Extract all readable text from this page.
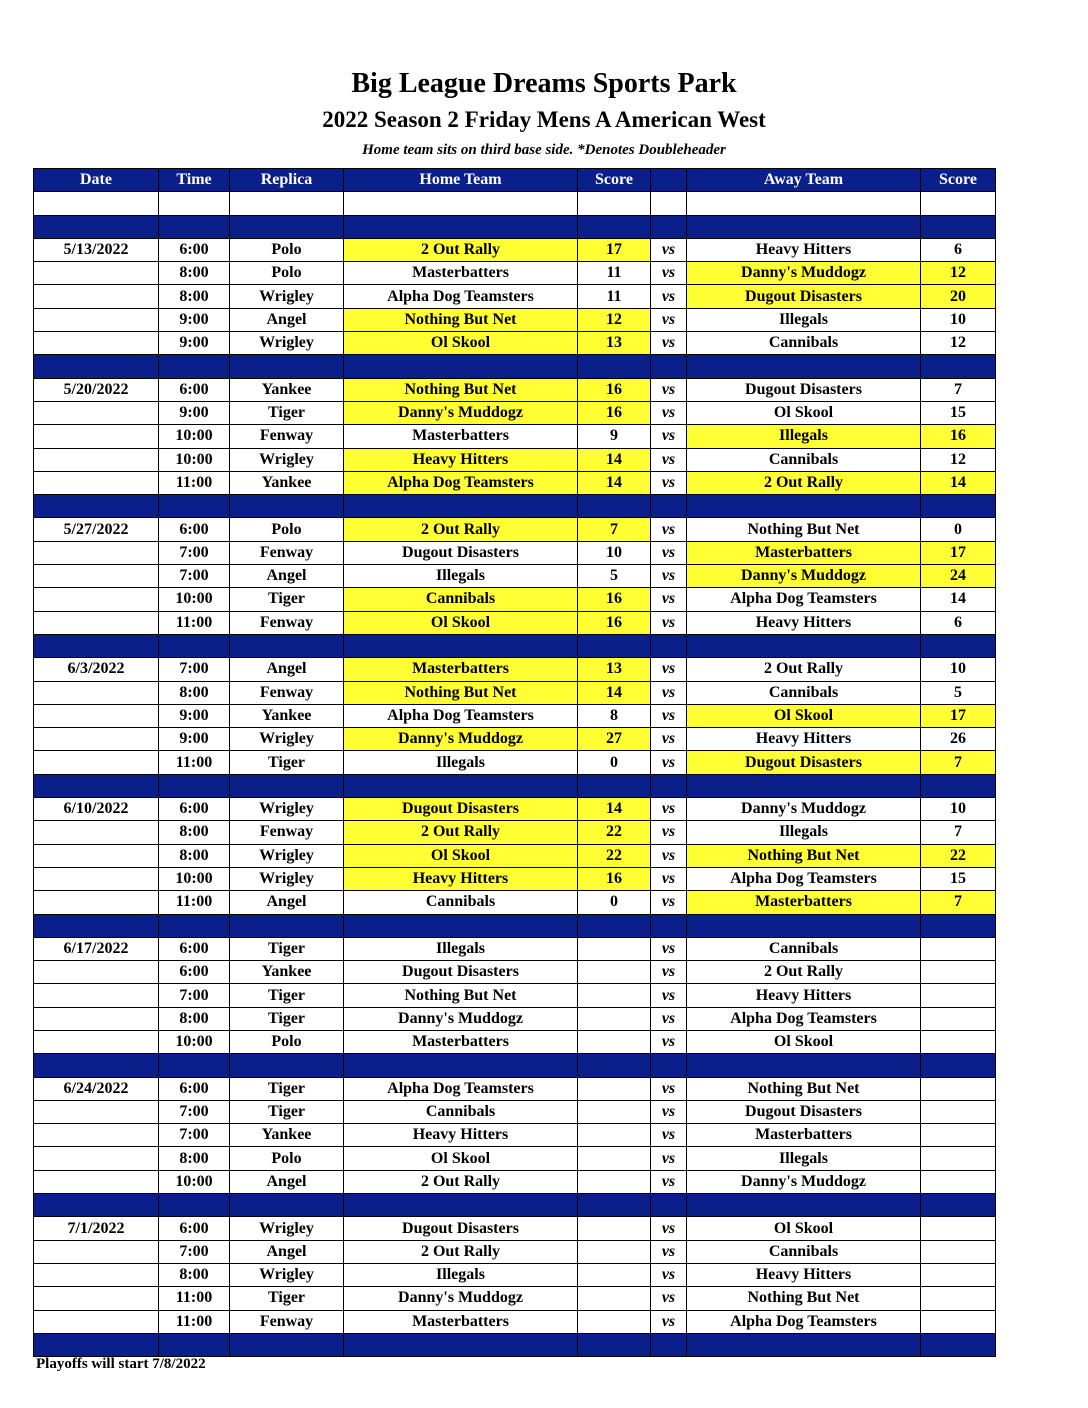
Big League Dreams Sports Park
2022 Season 2 Friday Mens A American West
Home team sits on third base side. *Denotes Doubleheader
Date	Time	Replica	Home Team	Score		Away Team	Score

5/13/2022	6:00	Polo	2 Out Rally	17	vs	Heavy Hitters	6
	8:00	Polo	Masterbatters	11	vs	Danny's Muddogz	12
	8:00	Wrigley	Alpha Dog Teamsters	11	vs	Dugout Disasters	20
	9:00	Angel	Nothing But Net	12	vs	Illegals	10
	9:00	Wrigley	Ol Skool	13	vs	Cannibals	12

5/20/2022	6:00	Yankee	Nothing But Net	16	vs	Dugout Disasters	7
	9:00	Tiger	Danny's Muddogz	16	vs	Ol Skool	15
	10:00	Fenway	Masterbatters	9	vs	Illegals	16
	10:00	Wrigley	Heavy Hitters	14	vs	Cannibals	12
	11:00	Yankee	Alpha Dog Teamsters	14	vs	2 Out Rally	14

5/27/2022	6:00	Polo	2 Out Rally	7	vs	Nothing But Net	0
	7:00	Fenway	Dugout Disasters	10	vs	Masterbatters	17
	7:00	Angel	Illegals	5	vs	Danny's Muddogz	24
	10:00	Tiger	Cannibals	16	vs	Alpha Dog Teamsters	14
	11:00	Fenway	Ol Skool	16	vs	Heavy Hitters	6

6/3/2022	7:00	Angel	Masterbatters	13	vs	2 Out Rally	10
	8:00	Fenway	Nothing But Net	14	vs	Cannibals	5
	9:00	Yankee	Alpha Dog Teamsters	8	vs	Ol Skool	17
	9:00	Wrigley	Danny's Muddogz	27	vs	Heavy Hitters	26
	11:00	Tiger	Illegals	0	vs	Dugout Disasters	7

6/10/2022	6:00	Wrigley	Dugout Disasters	14	vs	Danny's Muddogz	10
	8:00	Fenway	2 Out Rally	22	vs	Illegals	7
	8:00	Wrigley	Ol Skool	22	vs	Nothing But Net	22
	10:00	Wrigley	Heavy Hitters	16	vs	Alpha Dog Teamsters	15
	11:00	Angel	Cannibals	0	vs	Masterbatters	7

6/17/2022	6:00	Tiger	Illegals		vs	Cannibals	
	6:00	Yankee	Dugout Disasters		vs	2 Out Rally	
	7:00	Tiger	Nothing But Net		vs	Heavy Hitters	
	8:00	Tiger	Danny's Muddogz		vs	Alpha Dog Teamsters	
	10:00	Polo	Masterbatters		vs	Ol Skool	

6/24/2022	6:00	Tiger	Alpha Dog Teamsters		vs	Nothing But Net	
	7:00	Tiger	Cannibals		vs	Dugout Disasters	
	7:00	Yankee	Heavy Hitters		vs	Masterbatters	
	8:00	Polo	Ol Skool		vs	Illegals	
	10:00	Angel	2 Out Rally		vs	Danny's Muddogz	

7/1/2022	6:00	Wrigley	Dugout Disasters		vs	Ol Skool	
	7:00	Angel	2 Out Rally		vs	Cannibals	
	8:00	Wrigley	Illegals		vs	Heavy Hitters	
	11:00	Tiger	Danny's Muddogz		vs	Nothing But Net	
	11:00	Fenway	Masterbatters		vs	Alpha Dog Teamsters	

Playoffs will start 7/8/2022
